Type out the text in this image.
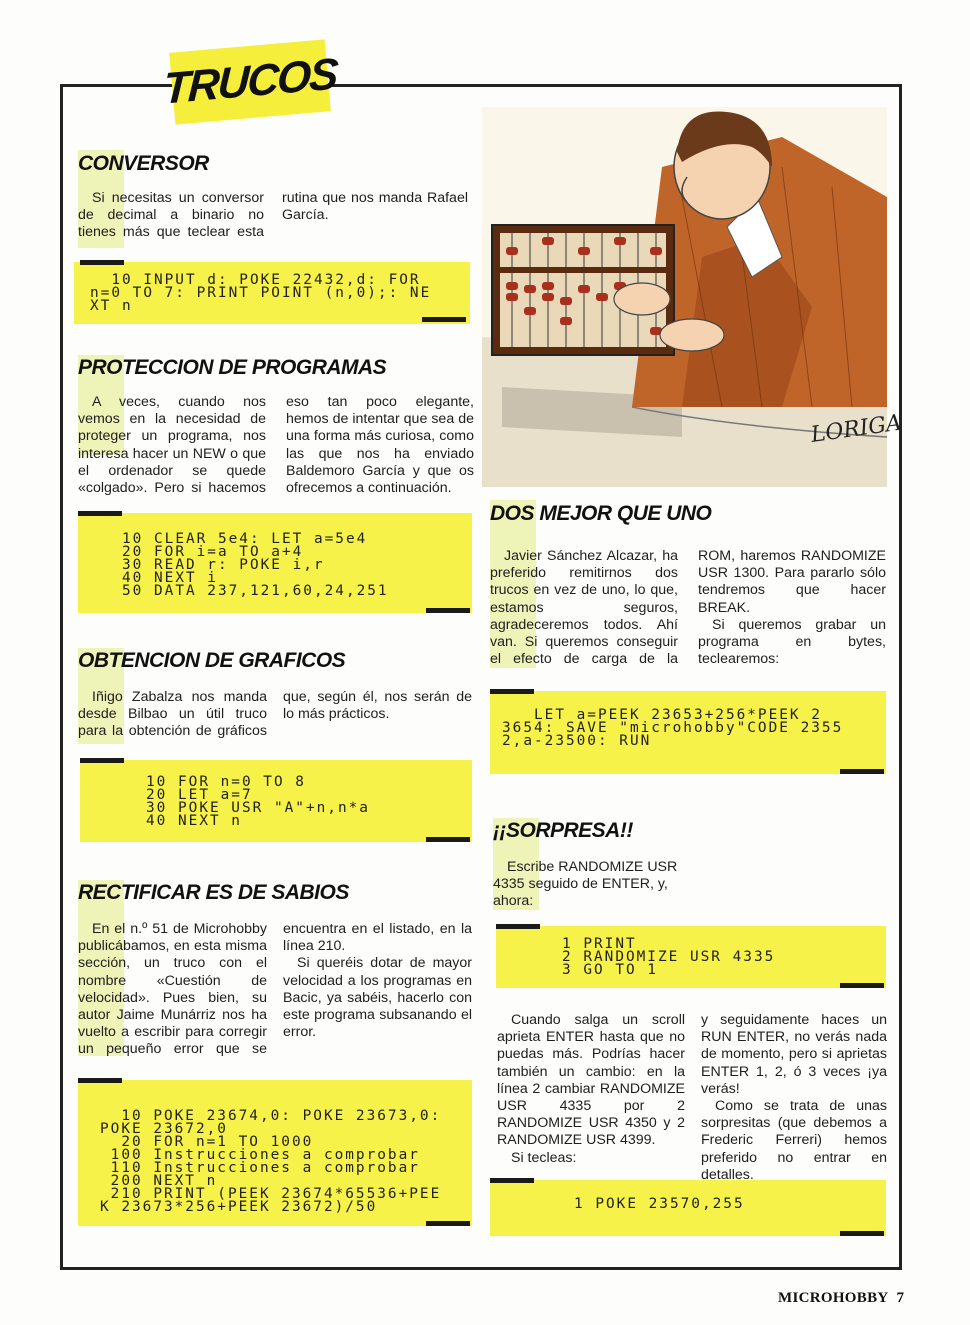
TRUCOS
LORIGA
CONVERSOR

Si necesitas un conversor de decimal a binario no tienes más que teclear esta rutina que nos manda Rafael García.

10 INPUT d: POKE 22432,d: FOR
n=0 TO 7: PRINT POINT (n,0);: NE
XT n
PROTECCION DE PROGRAMAS

A veces, cuando nos vemos en la necesidad de proteger un programa, nos interesa hacer un NEW o que el ordenador se quede «colgado». Pero si hacemos eso tan poco elegante, hemos de intentar que sea de una forma más curiosa, como las que nos ha enviado Baldemoro García y que os ofrecemos a continuación.

10 CLEAR 5e4: LET a=5e4
20 FOR i=a TO a+4
30 READ r: POKE i,r
40 NEXT i
50 DATA 237,121,60,24,251
OBTENCION DE GRAFICOS

Iñigo Zabalza nos manda desde Bilbao un útil truco para la obtención de gráficos que, según él, nos serán de lo más prácticos.

10 FOR n=0 TO 8
20 LET a=7
30 POKE USR "A"+n,n*a
40 NEXT n
RECTIFICAR ES DE SABIOS

En el n.º 51 de Microhobby publicábamos, en esta misma sección, un truco con el nombre «Cuestión de velocidad». Pues bien, su autor Jaime Munárriz nos ha vuelto a escribir para corregir un pequeño error que se encuentra en el listado, en la línea 210.

Si queréis dotar de mayor velocidad a los programas en Bacic, ya sabéis, hacerlo con este programa subsanando el error.

10 POKE 23674,0: POKE 23673,0:
POKE 23672,0
20 FOR n=1 TO 1000
100 Instrucciones a comprobar
110 Instrucciones a comprobar
200 NEXT n
210 PRINT (PEEK 23674*65536+PEE
K 23673*256+PEEK 23672)/50
DOS MEJOR QUE UNO

Javier Sánchez Alcazar, ha preferido remitirnos dos trucos en vez de uno, lo que, estamos seguros, agradeceremos todos. Ahí van. Si queremos conseguir el efecto de carga de la ROM, haremos RANDOMIZE USR 1300. Para pararlo sólo tendremos que hacer BREAK.

Si queremos grabar un programa en bytes, teclearemos:

LET a=PEEK 23653+256*PEEK 2
3654: SAVE "microhobby"CODE 2355
2,a-23500: RUN
¡¡SORPRESA!!

Escribe RANDOMIZE USR 4335 seguido de ENTER, y, ahora:

1 PRINT
2 RANDOMIZE USR 4335
3 GO TO 1

Cuando salga un scroll aprieta ENTER hasta que no puedas más. Podrías hacer también un cambio: en la línea 2 cambiar RANDOMIZE USR 4335 por 2 RANDOMIZE USR 4350 y 2 RANDOMIZE USR 4399.

Si tecleas:

y seguidamente haces un RUN ENTER, no verás nada de momento, pero si aprietas ENTER 1, 2, ó 3 veces ¡ya verás!

Como se trata de unas sorpresitas (que debemos a Frederic Ferreri) hemos preferido no entrar en detalles.

1 POKE 23570,255
MICROHOBBY 7
